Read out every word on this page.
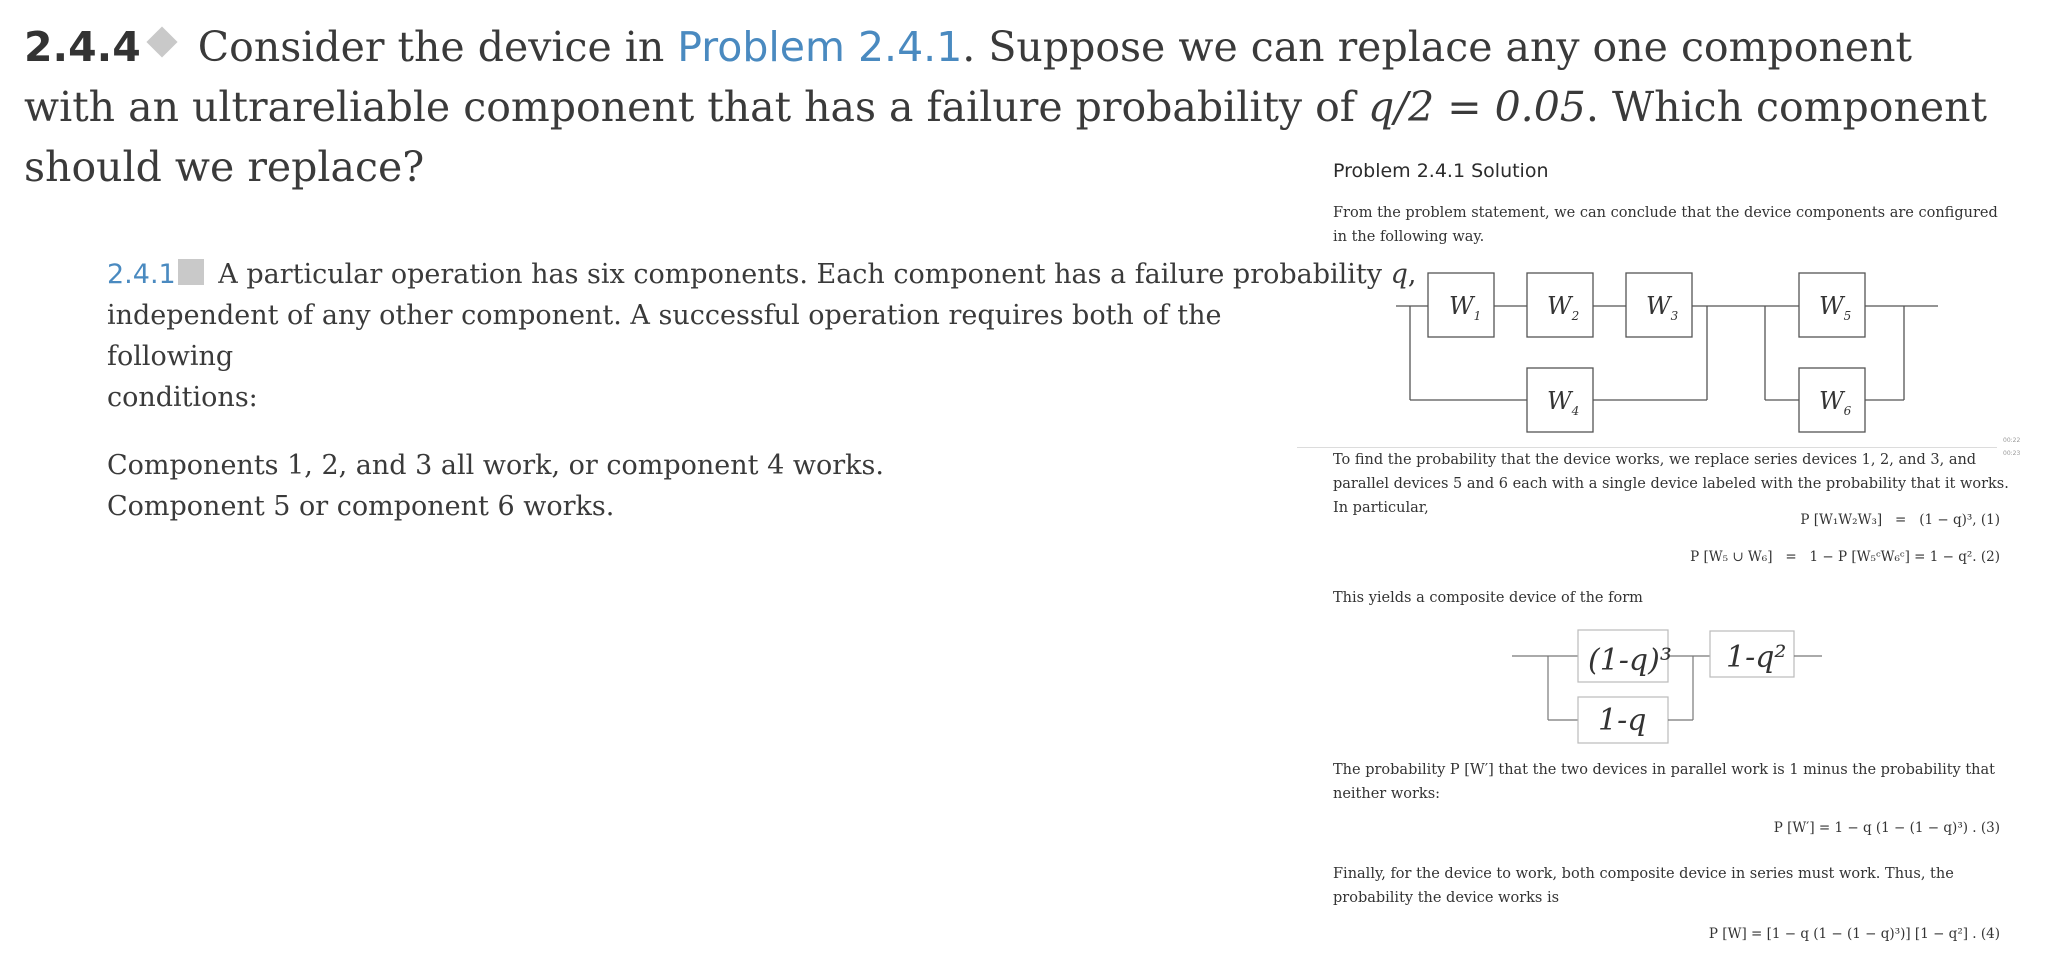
2.4.4 Consider the device in Problem 2.4.1. Suppose we can replace any one component
with an ultrareliable component that has a failure probability of q/2 = 0.05. Which component
should we replace?
2.4.1 A particular operation has six components. Each component has a failure probability q,
independent of any other component. A successful operation requires both of the following
conditions:
Components 1, 2, and 3 all work, or component 4 works.
Component 5 or component 6 works.
Problem 2.4.1 Solution
From the problem statement, we can conclude that the device components are configured in the following way.
$W_1$	$W_2$	$W_3$
$W_4$
$W_5$
$W_6$
00:22
00:23
To find the probability that the device works, we replace series devices 1, 2, and 3, and parallel devices 5 and 6 each with a single device labeled with the probability that it works. In particular,
P [W₁W₂W₃] = (1 − q)³, (1)
P [W₅ ∪ W₆] = 1 − P [W₅ᶜW₆ᶜ] = 1 − q². (2)
This yields a composite device of the form
(1-q)³ 1-q²
1-q
The probability P [W′] that the two devices in parallel work is 1 minus the probability that neither works:
P [W′] = 1 − q (1 − (1 − q)³) . (3)
Finally, for the device to work, both composite device in series must work. Thus, the probability the device works is
P [W] = [1 − q (1 − (1 − q)³)] [1 − q²] . (4)
